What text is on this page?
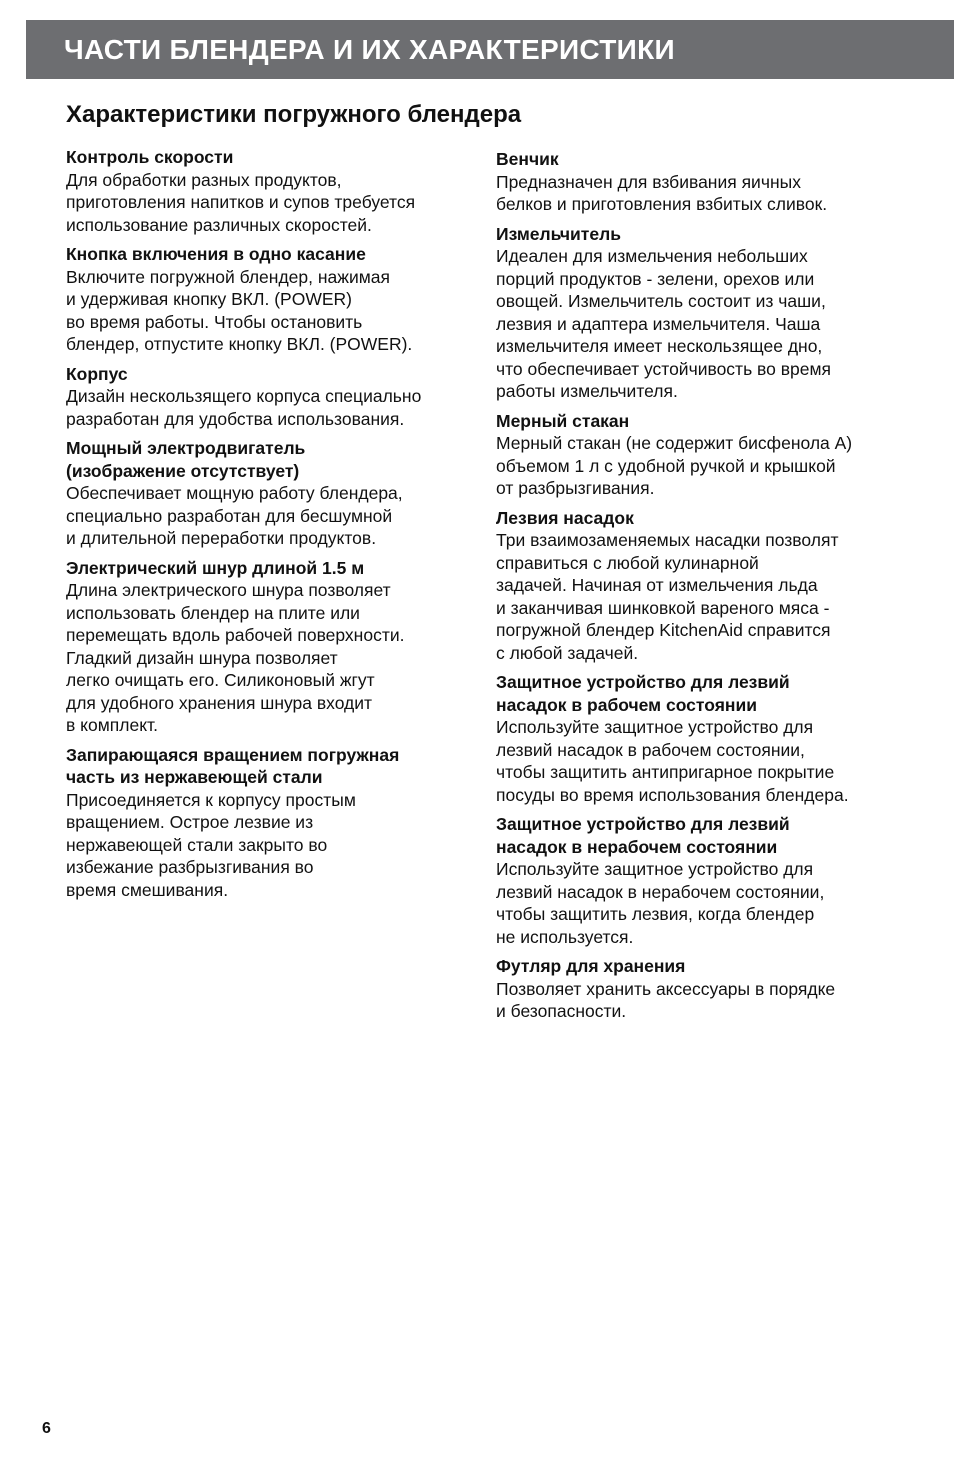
ЧАСТИ БЛЕНДЕРА И ИХ ХАРАКТЕРИСТИКИ
Характеристики погружного блендера
Контроль скорости
Для обработки разных продуктов,
приготовления напитков и супов требуется
использование различных скоростей.
Кнопка включения в одно касание
Включите погружной блендер, нажимая
и удерживая кнопку ВКЛ. (POWER)
во время работы. Чтобы остановить
блендер, отпустите кнопку ВКЛ. (POWER).
Корпус
Дизайн нескользящего корпуса специально
разработан для удобства использования.
Мощный электродвигатель
(изображение отсутствует)
Обеспечивает мощную работу блендера,
специально разработан для бесшумной
и длительной переработки продуктов.
Электрический шнур длиной 1.5 м
Длина электрического шнура позволяет
использовать блендер на плите или
перемещать вдоль рабочей поверхности.
Гладкий дизайн шнура позволяет
легко очищать его. Силиконовый жгут
для удобного хранения шнура входит
в комплект.
Запирающаяся вращением погружная
часть из нержавеющей стали
Присоединяется к корпусу простым
вращением. Острое лезвие из
нержавеющей стали закрыто во
избежание разбрызгивания во
время смешивания.
Венчик
Предназначен для взбивания яичных
белков и приготовления взбитых сливок.
Измельчитель
Идеален для измельчения небольших
порций продуктов - зелени, орехов или
овощей. Измельчитель состоит из чаши,
лезвия и адаптера измельчителя. Чаша
измельчителя имеет нескользящее дно,
что обеспечивает устойчивость во время
работы измельчителя.
Мерный стакан
Мерный стакан (не содержит бисфенола А)
объемом 1 л с удобной ручкой и крышкой
от разбрызгивания.
Лезвия насадок
Три взаимозаменяемых насадки позволят
справиться с любой кулинарной
задачей. Начиная от измельчения льда
и заканчивая шинковкой вареного мяса -
погружной блендер KitchenAid справится
с любой задачей.
Защитное устройство для лезвий
насадок в рабочем состоянии
Используйте защитное устройство для
лезвий насадок в рабочем состоянии,
чтобы защитить антипригарное покрытие
посуды во время использования блендера.
Защитное устройство для лезвий
насадок в нерабочем состоянии
Используйте защитное устройство для
лезвий насадок в нерабочем состоянии,
чтобы защитить лезвия, когда блендер
не используется.
Футляр для хранения
Позволяет хранить аксессуары в порядке
и безопасности.
6
